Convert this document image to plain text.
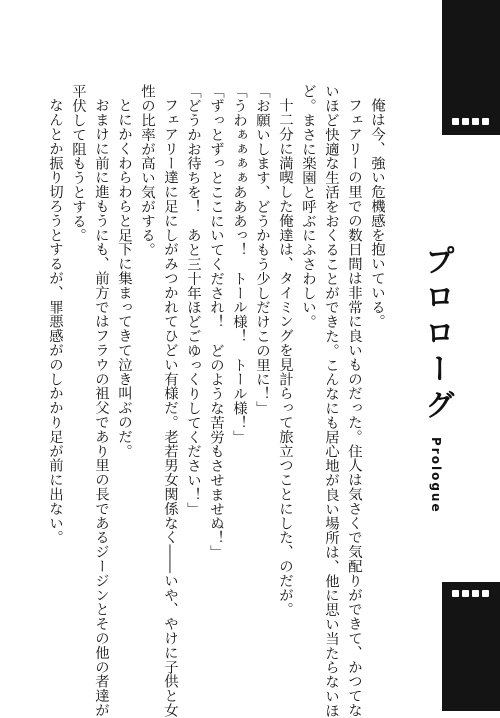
プロローグ
Prologue

俺は今、強い危機感を抱いている。

フェアリーの里での数日間は非常に良いものだった。住人は気さくで気配りができて、かつてな

いほど快適な生活をおくることができた。こんなにも居心地が良い場所は、他に思い当たらないほ

ど。まさに楽園と呼ぶにふさわしい。

十二分に満喫した俺達は、タイミングを見計らって旅立つことにした、のだが。

「お願いします、どうかもう少しだけこの里に！」

「うわぁぁぁぁあああっ！　トール様！　トール様！」

「ずっとずっとここにいてくだされ！　どのような苦労もさせませぬ！」

「どうかお待ちを！　あと三十年ほどごゆっくりしてください！」

フェアリー達に足にしがみつかれてひどい有様だ。老若男女関係なく――いや、やけに子供と女

性の比率が高い気がする。

とにかくわらわらと足下に集まってきて泣き叫ぶのだ。

おまけに前に進もうにも、前方ではフラウの祖父であり里の長であるジージンとその他の者達が

平伏して阻もうとする。

なんとか振り切ろうとするが、罪悪感がのしかかり足が前に出ない。
